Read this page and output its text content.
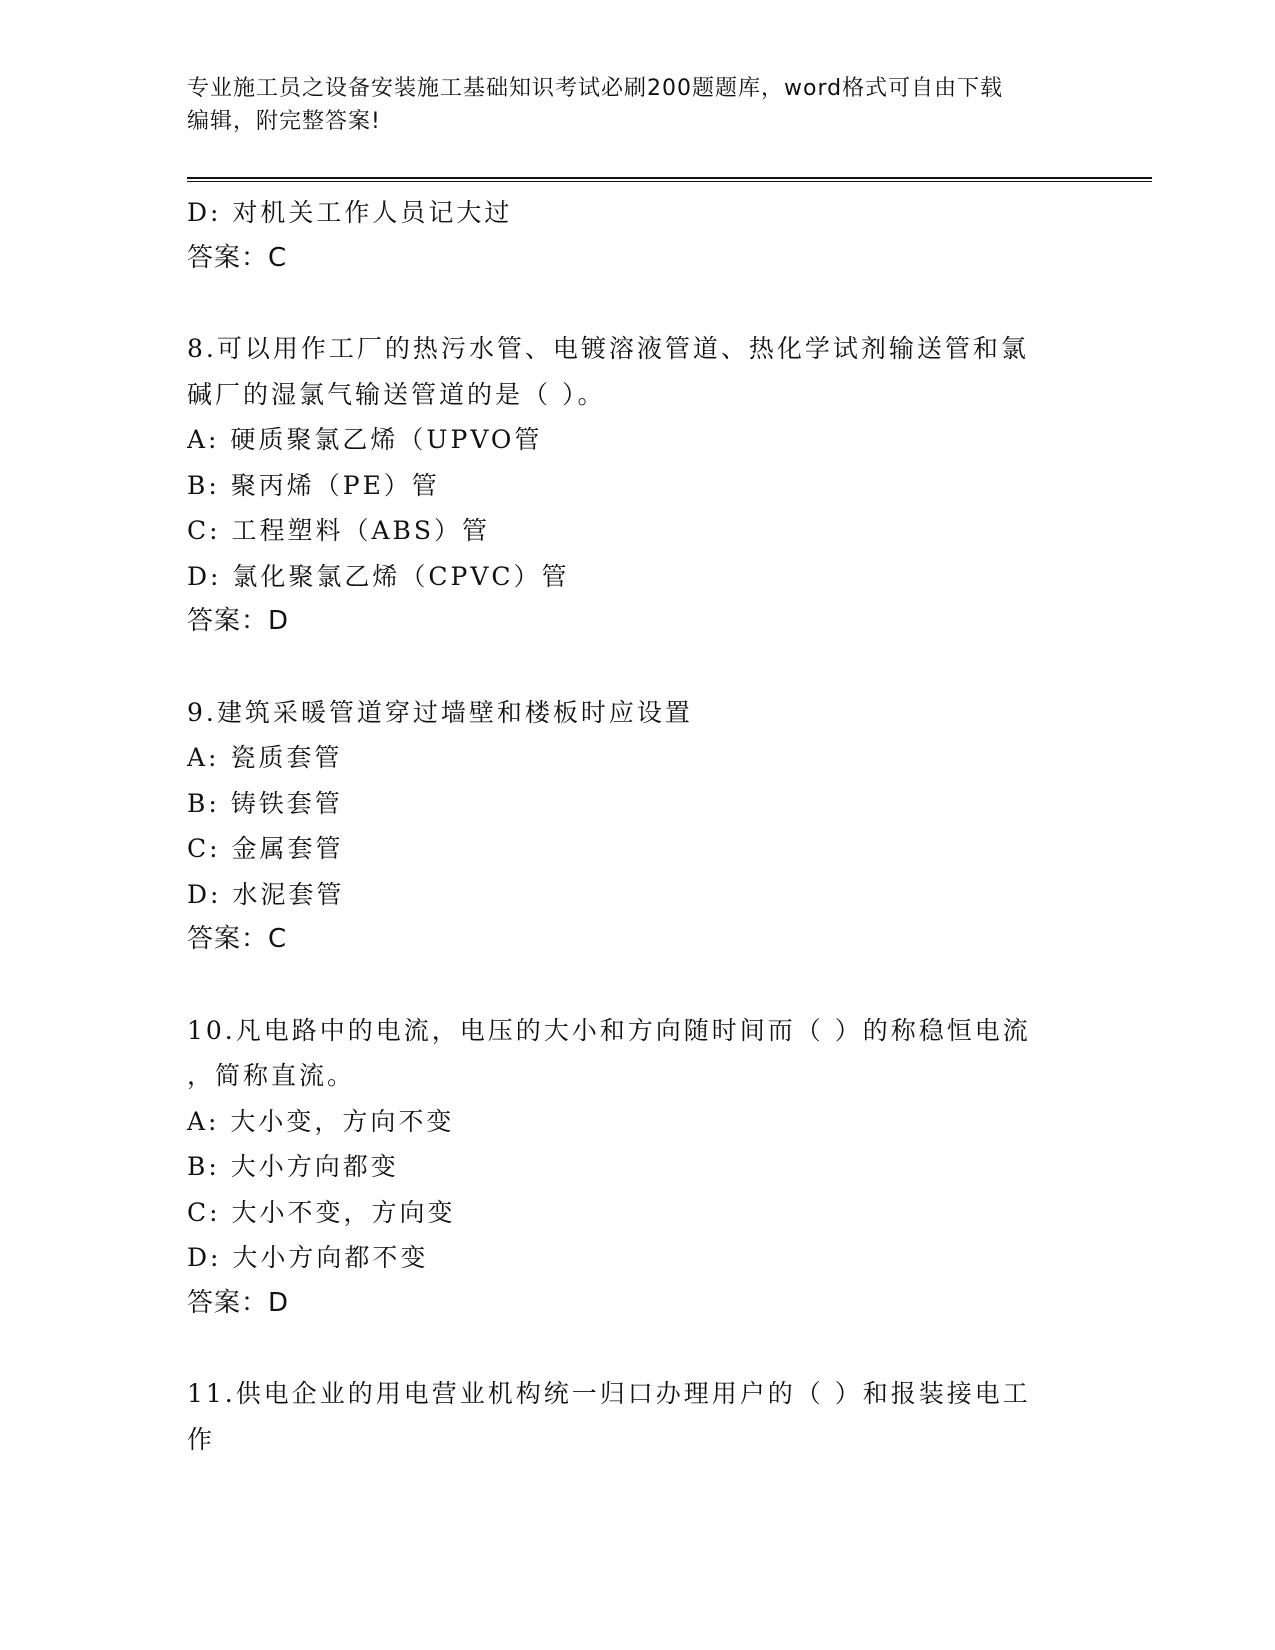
专业施工员之设备安装施工基础知识考试必刷200题题库，word格式可自由下载
编辑，附完整答案!

D: 对机关工作人员记大过

答案：C

8.可以用作工厂的热污水管、电镀溶液管道、热化学试剂输送管和氯

碱厂的湿氯气输送管道的是（ ）。

A: 硬质聚氯乙烯（UPVO管

B: 聚丙烯（PE）管

C: 工程塑料（ABS）管

D: 氯化聚氯乙烯（CPVC）管

答案：D

9.建筑采暖管道穿过墙壁和楼板时应设置

A: 瓷质套管

B: 铸铁套管

C: 金属套管

D: 水泥套管

答案：C

10.凡电路中的电流，电压的大小和方向随时间而（ ）的称稳恒电流

，简称直流。

A: 大小变，方向不变

B: 大小方向都变

C: 大小不变，方向变

D: 大小方向都不变

答案：D

11.供电企业的用电营业机构统一归口办理用户的（ ）和报装接电工

作
